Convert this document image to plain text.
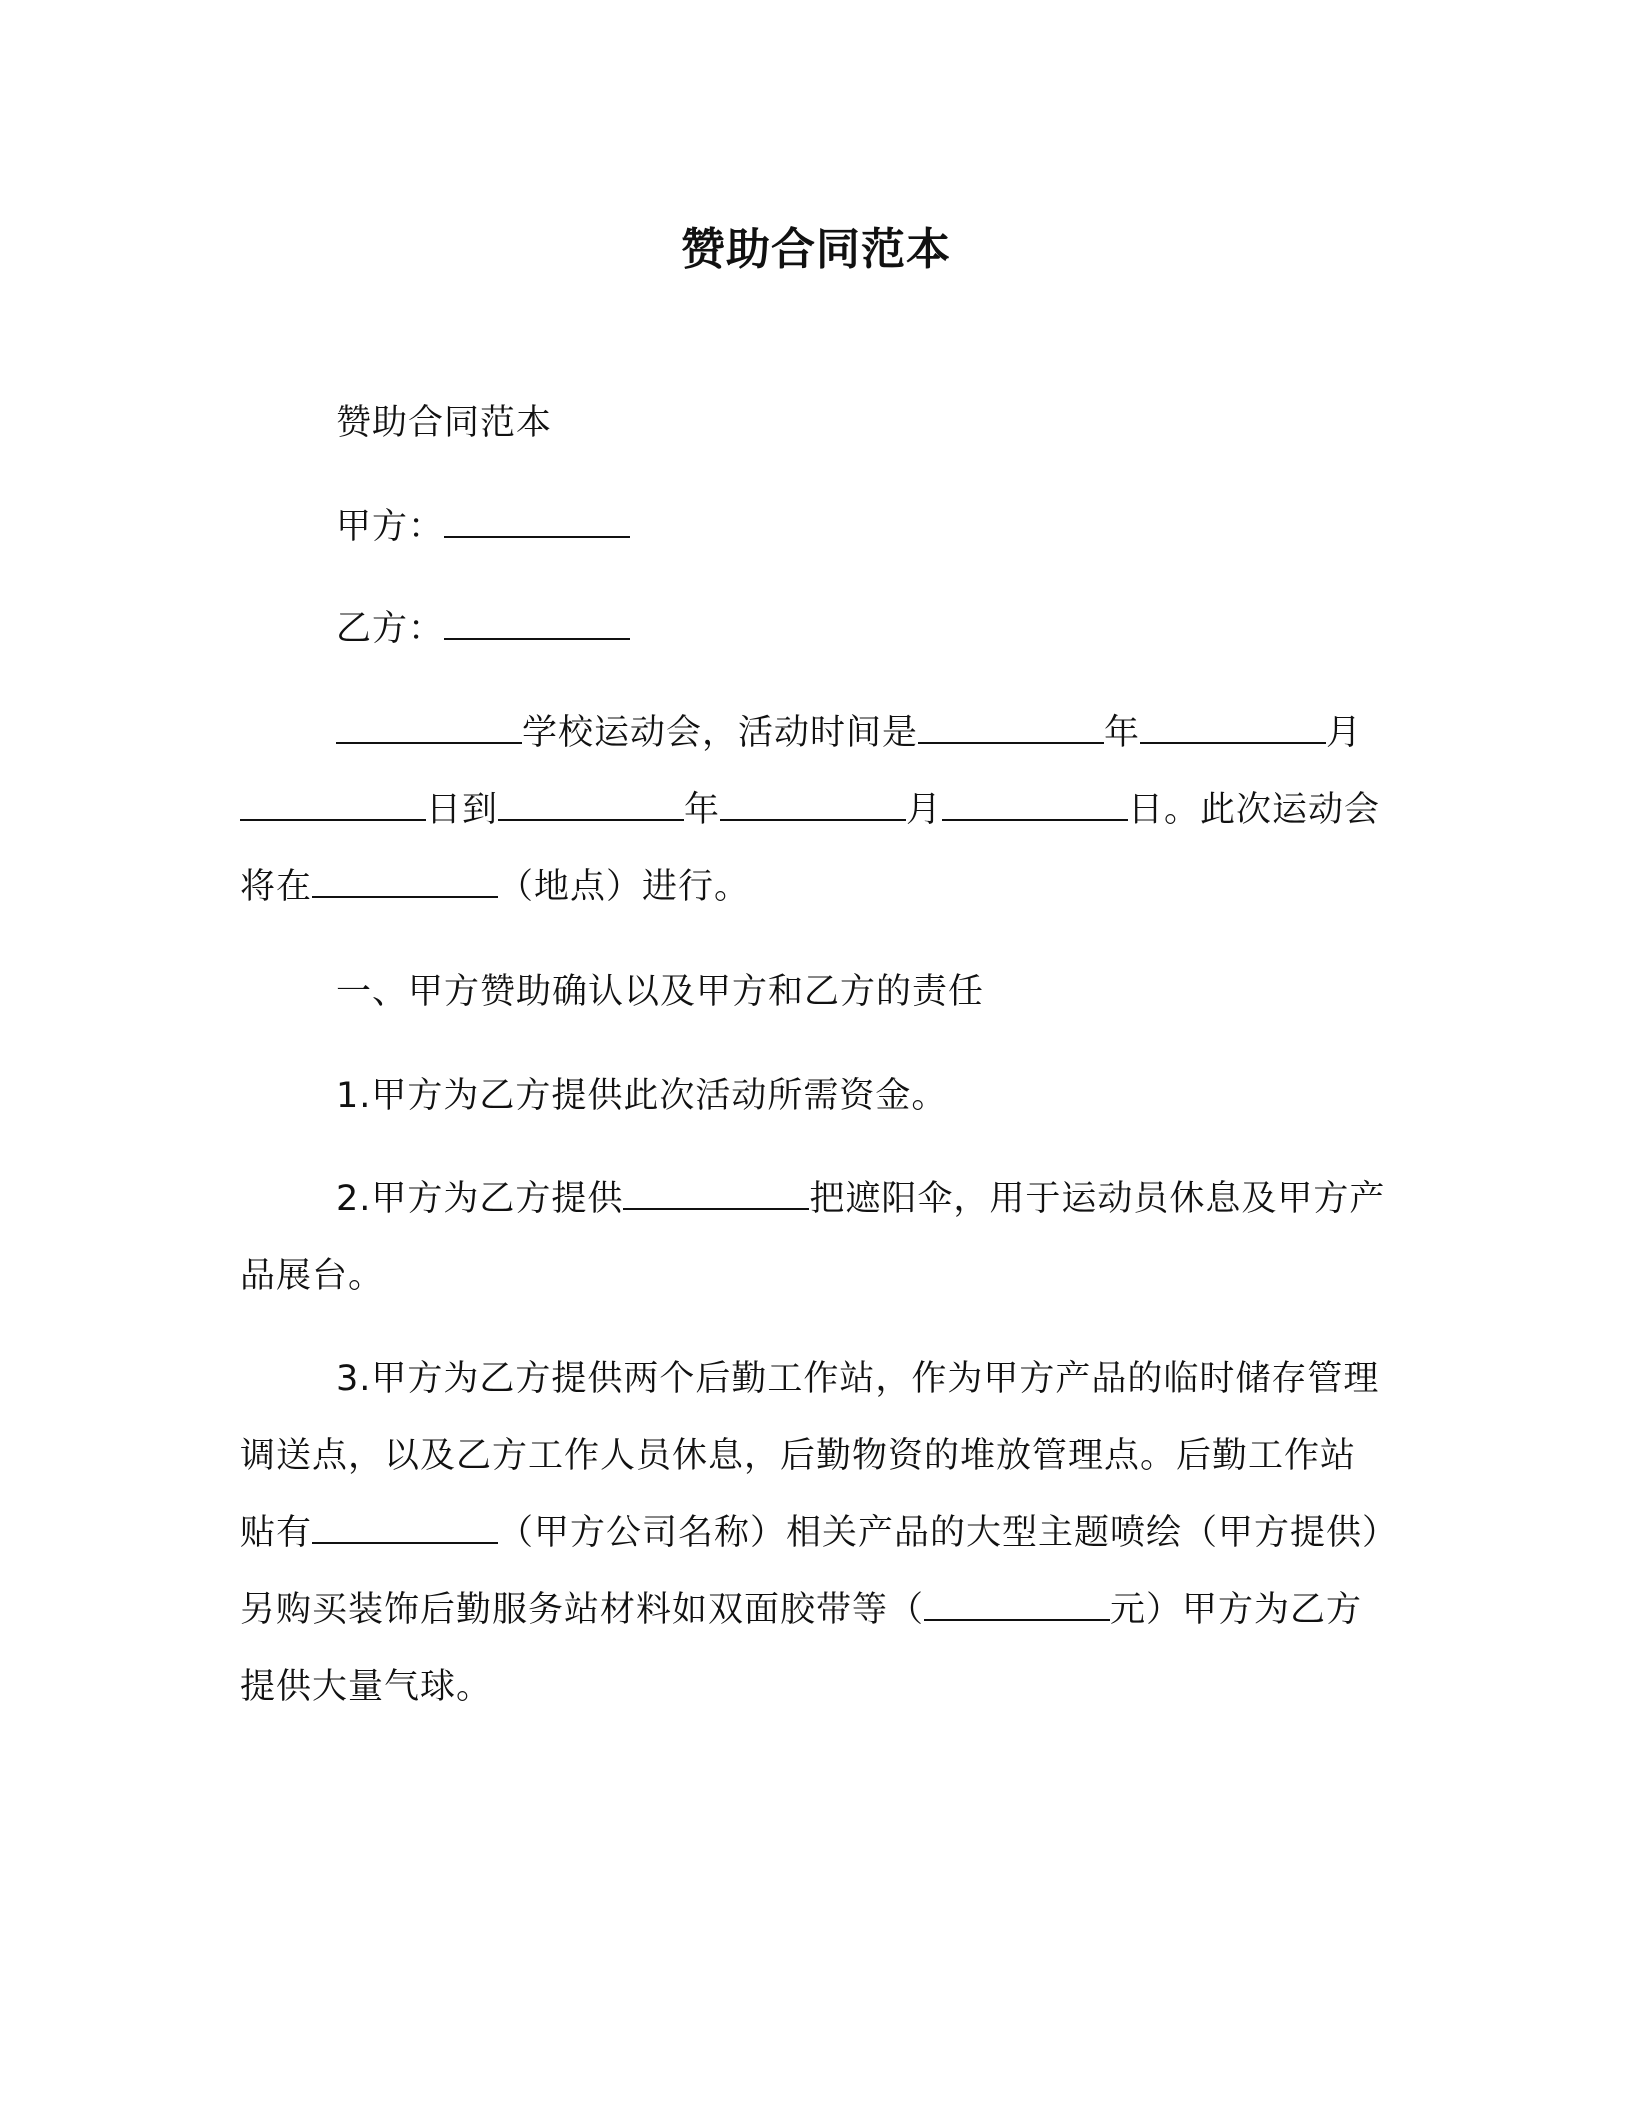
赞助合同范本
赞助合同范本
甲方：
乙方：
学校运动会，活动时间是	年	月日到	年	月	日。此次运动会将在	（地点）进行。
一、甲方赞助确认以及甲方和乙方的责任
1.甲方为乙方提供此次活动所需资金。
2.甲方为乙方提供	把遮阳伞，用于运动员休息及甲方产品展台。
3.甲方为乙方提供两个后勤工作站，作为甲方产品的临时储存管理调送点，以及乙方工作人员休息，后勤物资的堆放管理点。后勤工作站贴有	（甲方公司名称）相关产品的大型主题喷绘（甲方提供）另购买装饰后勤服务站材料如双面胶带等（	元）甲方为乙方提供大量气球。
